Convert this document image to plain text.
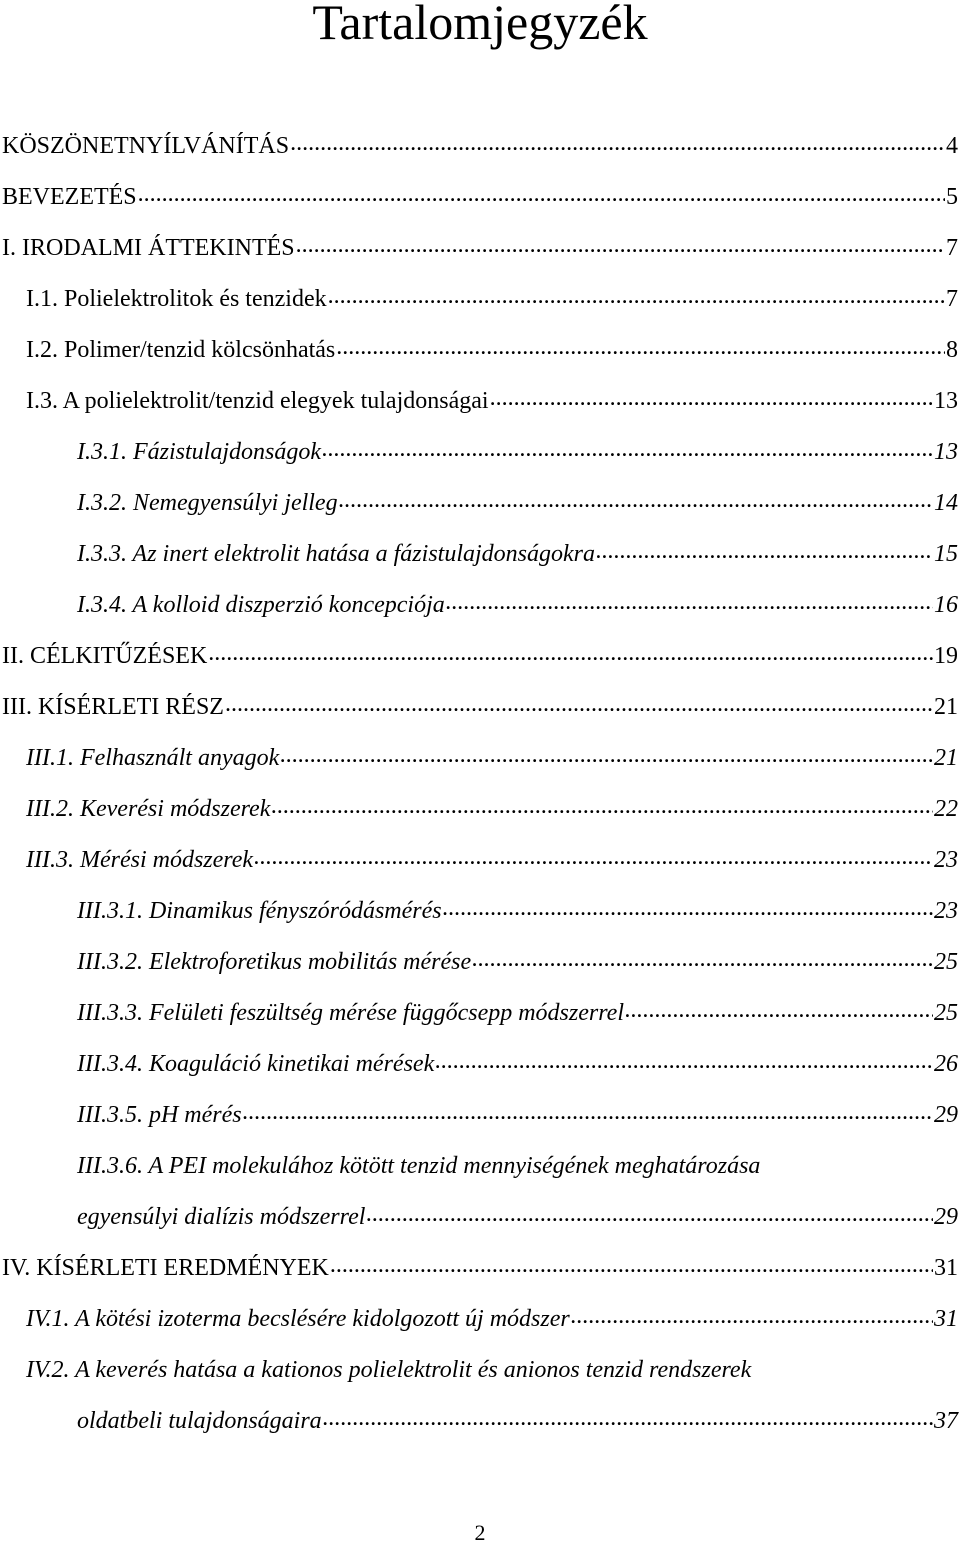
Tartalomjegyzék
KÖSZÖNETNYÍLVÁNÍTÁS .....	4
BEVEZETÉS .....	5
I. IRODALMI ÁTTEKINTÉS .....	7
I.1. Polielektrolitok és tenzidek .....	7
I.2. Polimer/tenzid kölcsönhatás .....	8
I.3. A polielektrolit/tenzid elegyek tulajdonságai .....	13
I.3.1. Fázistulajdonságok .....	13
I.3.2. Nemegyensúlyi jelleg .....	14
I.3.3. Az inert elektrolit hatása a fázistulajdonságokra .....	15
I.3.4. A kolloid diszperzió koncepciója .....	16
II. CÉLKITŰZÉSEK .....	19
III. KÍSÉRLETI RÉSZ .....	21
III.1. Felhasznált anyagok .....	21
III.2. Keverési módszerek .....	22
III.3. Mérési módszerek .....	23
III.3.1. Dinamikus fényszóródásmérés .....	23
III.3.2. Elektroforetikus mobilitás mérése .....	25
III.3.3. Felületi feszültség mérése függőcsepp módszerrel .....	25
III.3.4. Koaguláció kinetikai mérések .....	26
III.3.5. pH mérés .....	29
III.3.6. A PEI molekulához kötött tenzid mennyiségének meghatározása
egyensúlyi dialízis módszerrel .....	29
IV. KÍSÉRLETI EREDMÉNYEK .....	31
IV.1. A kötési izoterma becslésére kidolgozott új módszer .....	31
IV.2. A keverés hatása a kationos polielektrolit és anionos tenzid rendszerek
oldatbeli tulajdonságaira .....	37
2
